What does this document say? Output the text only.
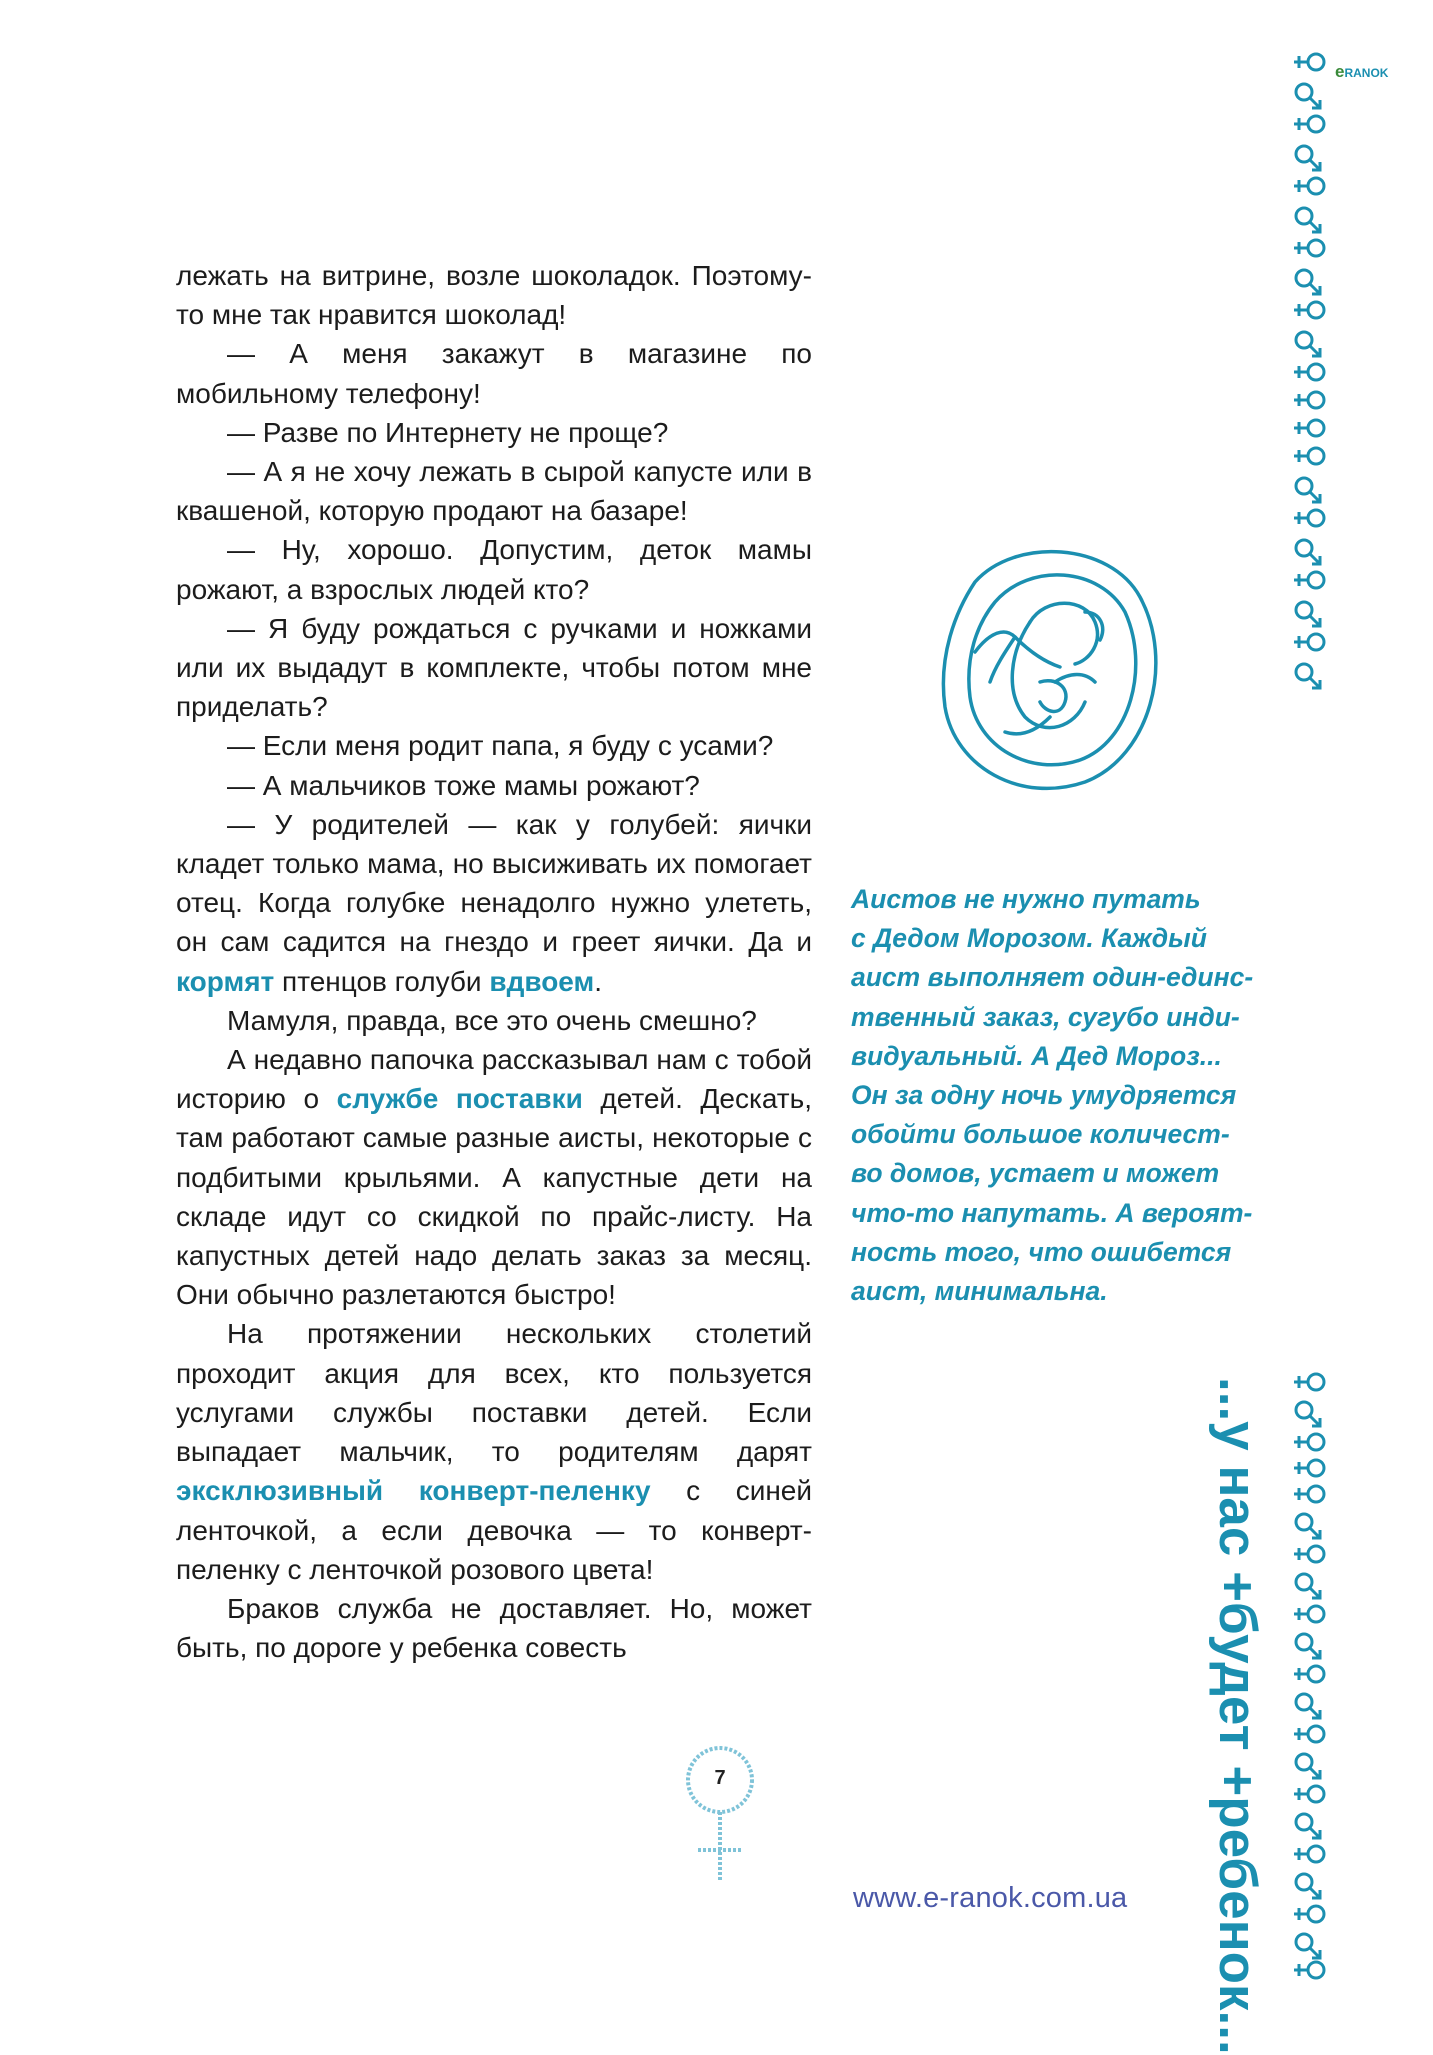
eRANOK
...у нас +будет +ребенок...

лежать на витрине, возле шоколадок. Поэтому-то мне так нравится шоколад!

— А меня закажут в магазине по мобильному телефону!

— Разве по Интернету не проще?

— А я не хочу лежать в сырой капусте или в квашеной, которую продают на базаре!

— Ну, хорошо. Допустим, деток мамы рожают, а взрослых людей кто?

— Я буду рождаться с ручками и ножками или их выдадут в комплекте, чтобы потом мне приделать?

— Если меня родит папа, я буду с усами?

— А мальчиков тоже мамы рожают?

— У родителей — как у голубей: яички кладет только мама, но высиживать их помогает отец. Когда голубке ненадолго нужно улететь, он сам садится на гнездо и греет яички. Да и кормят птенцов голуби вдвоем.

Мамуля, правда, все это очень смешно?

А недавно папочка рассказывал нам с тобой историю о службе поставки детей. Дескать, там работают самые разные аисты, некоторые с подбитыми крыльями. А капустные дети на складе идут со скидкой по прайс-листу. На капустных детей надо делать заказ за месяц. Они обычно разлетаются быстро!

На протяжении нескольких столетий проходит акция для всех, кто пользуется услугами службы поставки детей. Если выпадает мальчик, то родителям дарят эксклюзивный конверт-пеленку с синей ленточкой, а если девочка — то конверт-пеленку с ленточкой розового цвета!

Браков служба не доставляет. Но, может быть, по дороге у ребенка совесть

Аистов не нужно путать
с Дедом Морозом. Каждый
аист выполняет один-единс-
твенный заказ, сугубо инди-
видуальный. А Дед Мороз...
Он за одну ночь умудряется
обойти большое количест-
во домов, устает и может
что-то напутать. А вероят-
ность того, что ошибется
аист, минимальна.
7
www.e-ranok.com.ua
